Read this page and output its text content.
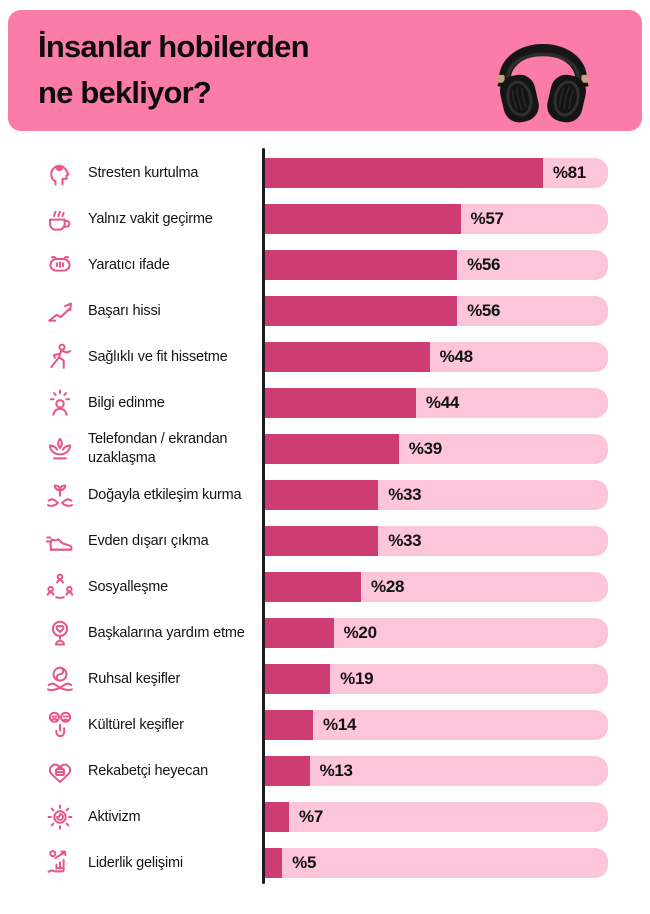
İnsanlar hobilerden
ne bekliyor?
Stresten kurtulma	%81
Yalnız vakit geçirme	%57
Yaratıcı ifade	%56
Başarı hissi	%56
Sağlıklı ve fit hissetme	%48
Bilgi edinme	%44
Telefondan / ekrandan uzaklaşma	%39
Doğayla etkileşim kurma	%33
Evden dışarı çıkma	%33
Sosyalleşme	%28
Başkalarına yardım etme	%20
Ruhsal keşifler	%19
Kültürel keşifler	%14
Rekabetçi heyecan	%13
Aktivizm	%7
Liderlik gelişimi	%5
